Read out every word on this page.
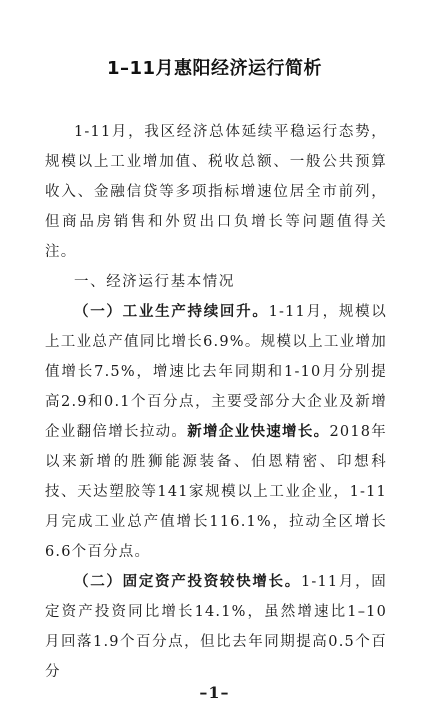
1–11月惠阳经济运行简析

1-11月，我区经济总体延续平稳运行态势，规模以上工业增加值、税收总额、一般公共预算收入、金融信贷等多项指标增速位居全市前列，但商品房销售和外贸出口负增长等问题值得关注。

一、经济运行基本情况

（一）工业生产持续回升。1-11月，规模以上工业总产值同比增长6.9%。规模以上工业增加值增长7.5%，增速比去年同期和1-10月分别提高2.9和0.1个百分点，主要受部分大企业及新增企业翻倍增长拉动。新增企业快速增长。2018年以来新增的胜狮能源装备、伯恩精密、印想科技、天达塑胶等141家规模以上工业企业，1-11月完成工业总产值增长116.1%，拉动全区增长6.6个百分点。

（二）固定资产投资较快增长。1-11月，固定资产投资同比增长14.1%，虽然增速比1–10月回落1.9个百分点，但比去年同期提高0.5个百分

–1–
